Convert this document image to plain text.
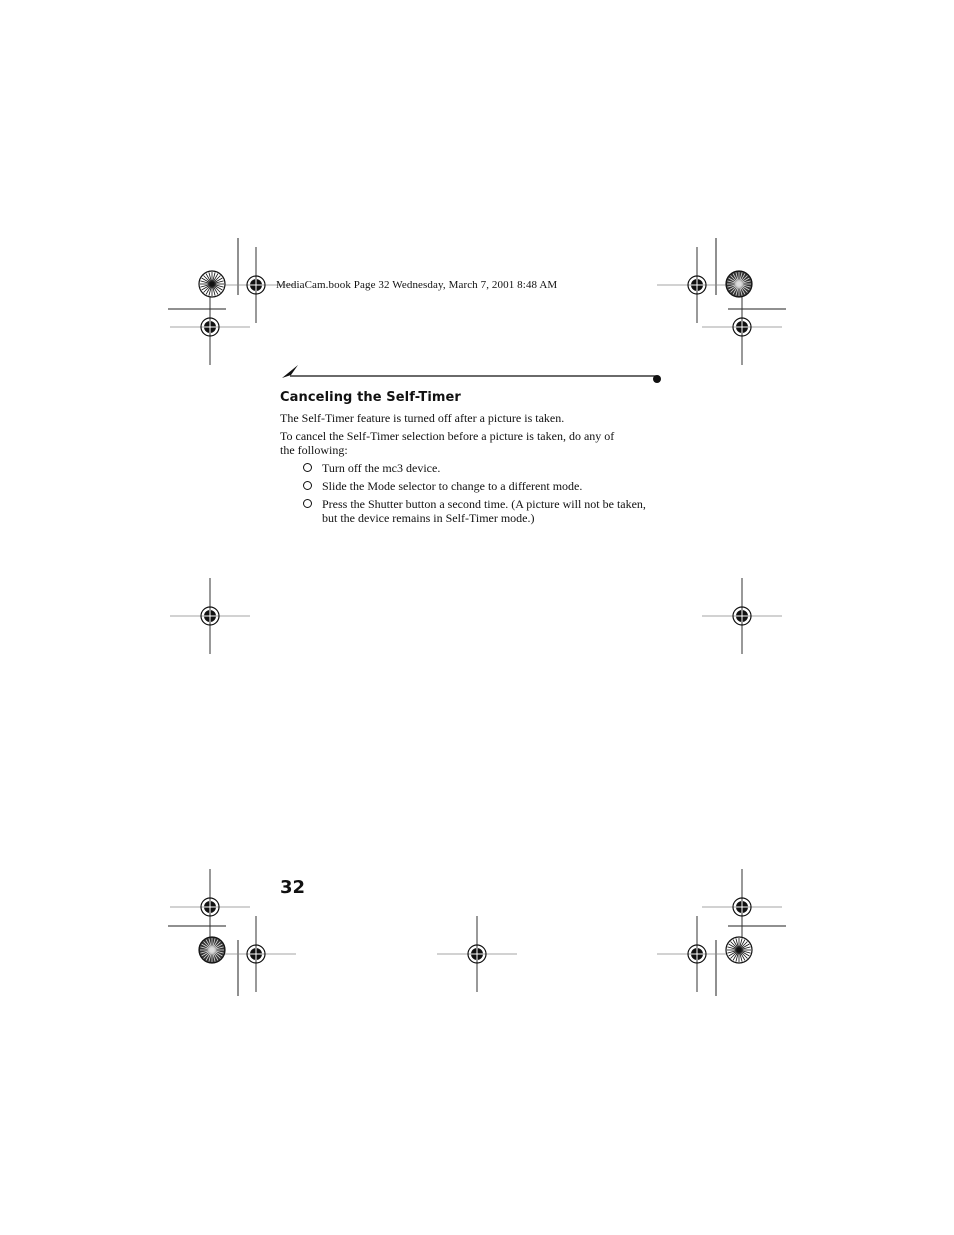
MediaCam.book Page 32 Wednesday, March 7, 2001 8:48 AM
Canceling the Self-Timer
The Self-Timer feature is turned off after a picture is taken.
To cancel the Self-Timer selection before a picture is taken, do any of
the following:
Turn off the mc3 device.
Slide the Mode selector to change to a different mode.
Press the Shutter button a second time. (A picture will not be taken,
but the device remains in Self-Timer mode.)
32
